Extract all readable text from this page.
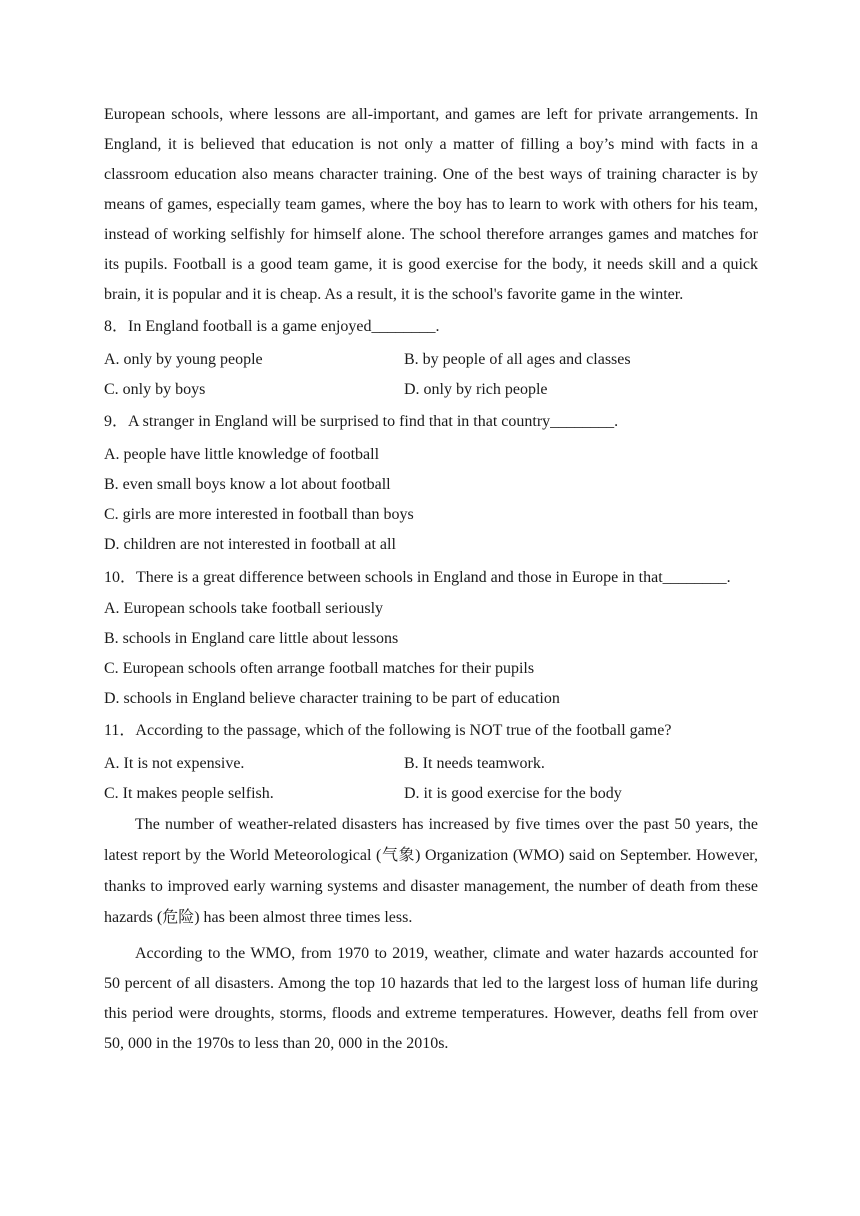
European schools, where lessons are all-important, and games are left for private arrangements. In England, it is believed that education is not only a matter of filling a boy’s mind with facts in a classroom education also means character training. One of the best ways of training character is by means of games, especially team games, where the boy has to learn to work with others for his team, instead of working selfishly for himself alone. The school therefore arranges games and matches for its pupils. Football is a good team game, it is good exercise for the body, it needs skill and a quick brain, it is popular and it is cheap. As a result, it is the school's favorite game in the winter.

8．In England football is a game enjoyed________.

A. only by young people	B. by people of all ages and classes
C. only by boys	D. only by rich people

9．A stranger in England will be surprised to find that in that country________.

A. people have little knowledge of football

B. even small boys know a lot about football

C. girls are more interested in football than boys

D. children are not interested in football at all

10．There is a great difference between schools in England and those in Europe in that________.

A. European schools take football seriously

B. schools in England care little about lessons

C. European schools often arrange football matches for their pupils

D. schools in England believe character training to be part of education

11．According to the passage, which of the following is NOT true of the football game?

A. It is not expensive.	B. It needs teamwork.
C. It makes people selfish.	D. it is good exercise for the body

The number of weather-related disasters has increased by five times over the past 50 years, the latest report by the World Meteorological (气象) Organization (WMO) said on September. However, thanks to improved early warning systems and disaster management, the number of death from these hazards (危险) has been almost three times less.

According to the WMO, from 1970 to 2019, weather, climate and water hazards accounted for 50 percent of all disasters. Among the top 10 hazards that led to the largest loss of human life during this period were droughts, storms, floods and extreme temperatures. However, deaths fell from over 50, 000 in the 1970s to less than 20, 000 in the 2010s.
